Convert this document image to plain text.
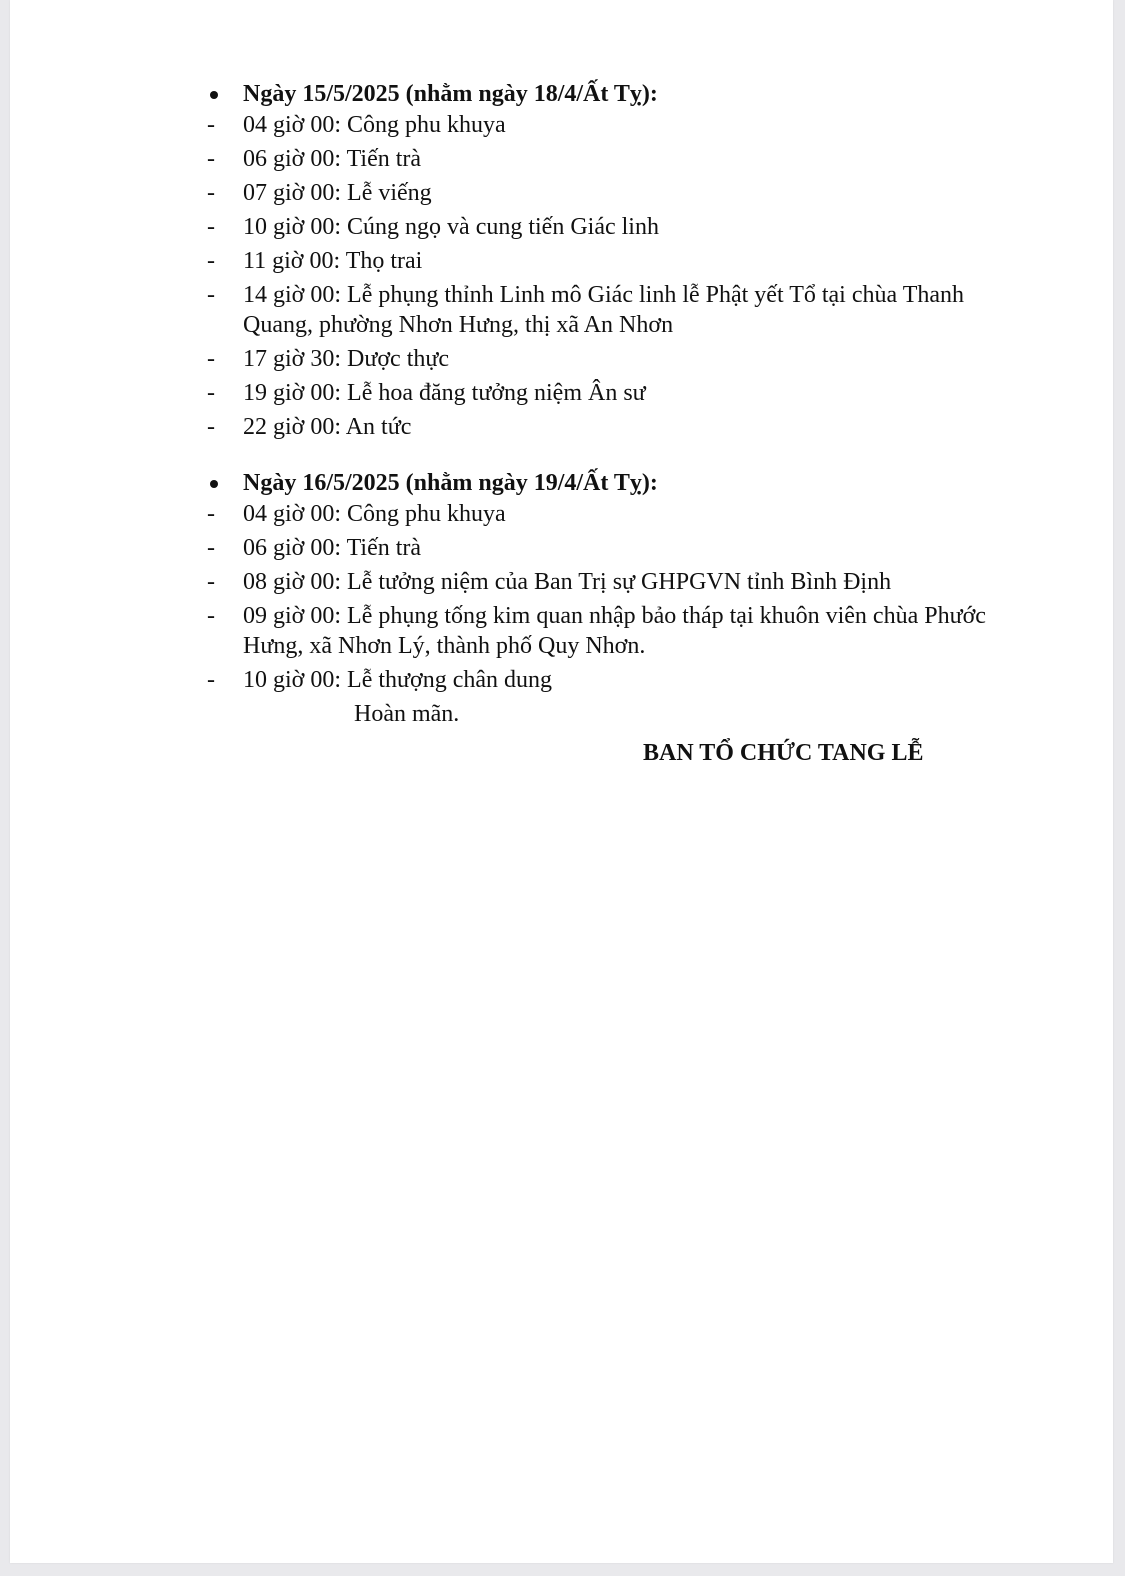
Ngày 15/5/2025 (nhằm ngày 18/4/Ất Tỵ):

- 04 giờ 00: Công phu khuya
- 06 giờ 00: Tiến trà
- 07 giờ 00: Lễ viếng
- 10 giờ 00: Cúng ngọ và cung tiến Giác linh
- 11 giờ 00: Thọ trai
- 14 giờ 00: Lễ phụng thỉnh Linh mô Giác linh lễ Phật yết Tổ tại chùa Thanh Quang, phường Nhơn Hưng, thị xã An Nhơn
- 17 giờ 30: Dược thực
- 19 giờ 00: Lễ hoa đăng tưởng niệm Ân sư
- 22 giờ 00: An tức

Ngày 16/5/2025 (nhằm ngày 19/4/Ất Tỵ):

- 04 giờ 00: Công phu khuya
- 06 giờ 00: Tiến trà
- 08 giờ 00: Lễ tưởng niệm của Ban Trị sự GHPGVN tỉnh Bình Định
- 09 giờ 00: Lễ phụng tống kim quan nhập bảo tháp tại khuôn viên chùa Phước Hưng, xã Nhơn Lý, thành phố Quy Nhơn.
- 10 giờ 00: Lễ thượng chân dung
Hoàn mãn.
BAN TỔ CHỨC TANG LỄ
